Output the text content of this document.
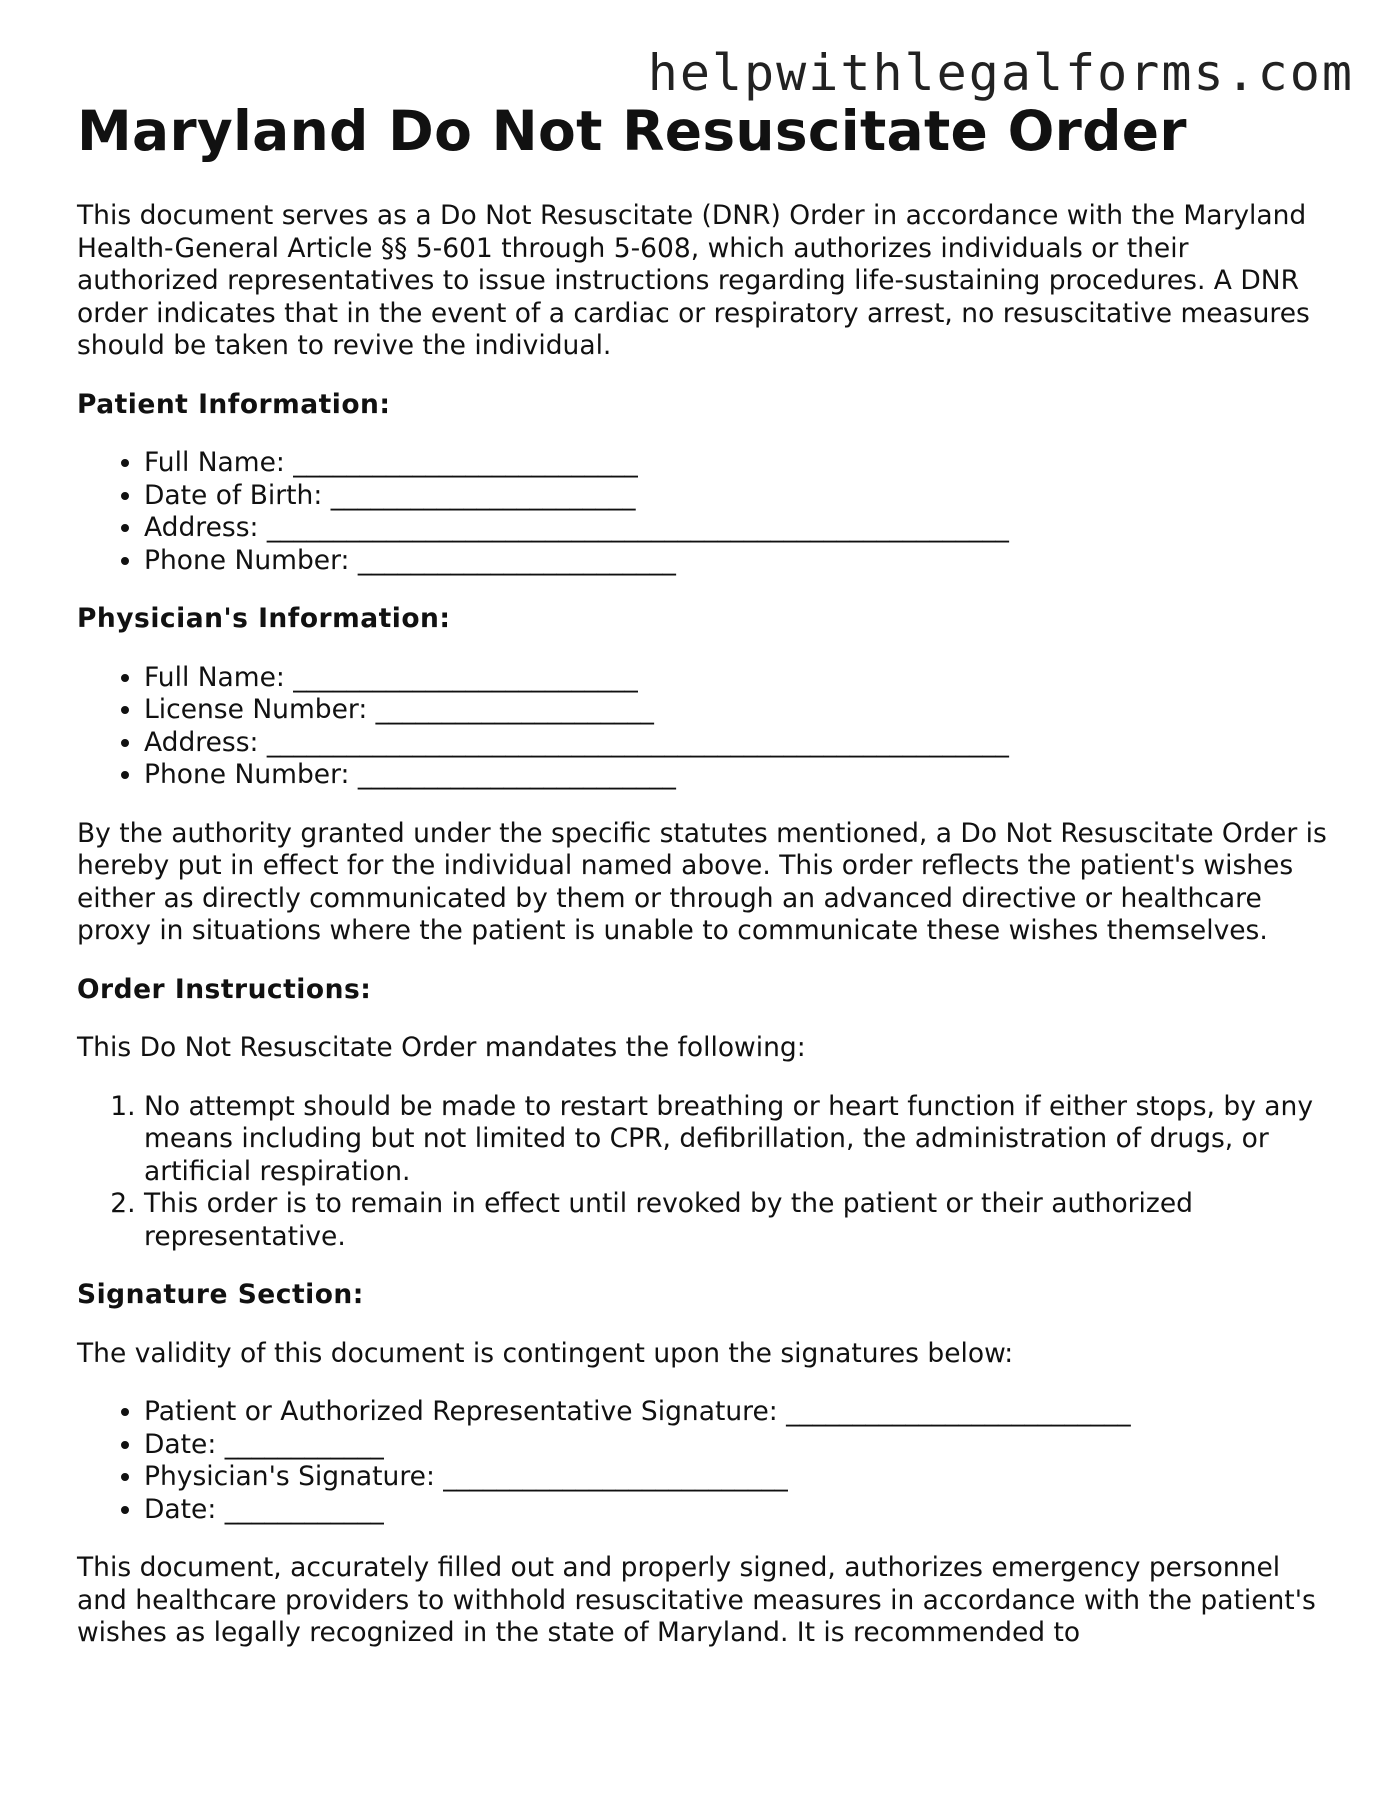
helpwithlegalforms.com
Maryland Do Not Resuscitate Order

This document serves as a Do Not Resuscitate (DNR) Order in accordance with the Maryland Health-General Article §§ 5-601 through 5-608, which authorizes individuals or their authorized representatives to issue instructions regarding life-sustaining procedures. A DNR order indicates that in the event of a cardiac or respiratory arrest, no resuscitative measures should be taken to revive the individual.

Patient Information:
• Full Name: __________________________
• Date of Birth: _______________________
• Address: ________________________________________________________
• Phone Number: ________________________
Physician's Information:
• Full Name: __________________________
• License Number: _____________________
• Address: ________________________________________________________
• Phone Number: ________________________

By the authority granted under the specific statutes mentioned, a Do Not Resuscitate Order is hereby put in effect for the individual named above. This order reflects the patient's wishes either as directly communicated by them or through an advanced directive or healthcare proxy in situations where the patient is unable to communicate these wishes themselves.

Order Instructions:

This Do Not Resuscitate Order mandates the following:

1. No attempt should be made to restart breathing or heart function if either stops, by any means including but not limited to CPR, defibrillation, the administration of drugs, or artificial respiration.
2. This order is to remain in effect until revoked by the patient or their authorized representative.
Signature Section:

The validity of this document is contingent upon the signatures below:

• Patient or Authorized Representative Signature: __________________________
• Date: ____________
• Physician's Signature: __________________________
• Date: ____________

This document, accurately filled out and properly signed, authorizes emergency personnel and healthcare providers to withhold resuscitative measures in accordance with the patient's wishes as legally recognized in the state of Maryland. It is recommended to
